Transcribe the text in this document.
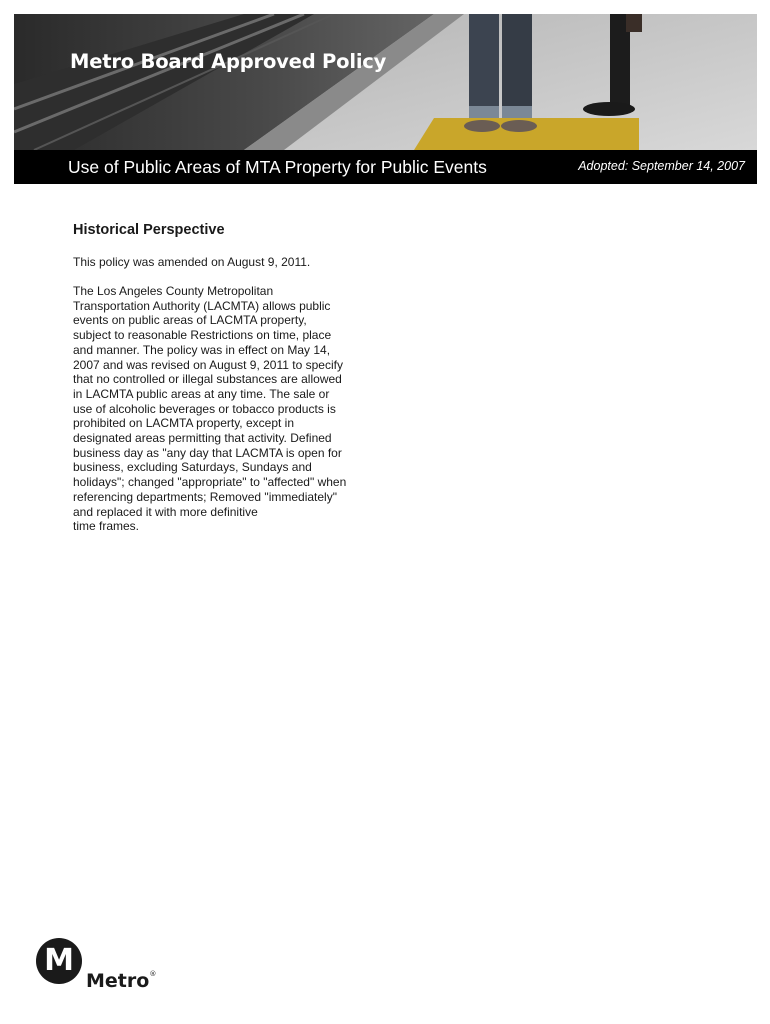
Metro Board Approved Policy
Use of Public Areas of MTA Property for Public Events	Adopted: September 14, 2007
Historical Perspective

This policy was amended on August 9, 2011.

The Los Angeles County Metropolitan
Transportation Authority (LACMTA) allows public
events on public areas of LACMTA property,
subject to reasonable Restrictions on time, place
and manner. The policy was in effect on May 14,
2007 and was revised on August 9, 2011 to specify
that no controlled or illegal substances are allowed
in LACMTA public areas at any time. The sale or
use of alcoholic beverages or tobacco products is
prohibited on LACMTA property, except in
designated areas permitting that activity. Defined
business day as "any day that LACMTA is open for
business, excluding Saturdays, Sundays and
holidays"; changed "appropriate" to "affected" when
referencing departments; Removed "immediately"
and replaced it with more definitive
time frames.

M
Metro®
